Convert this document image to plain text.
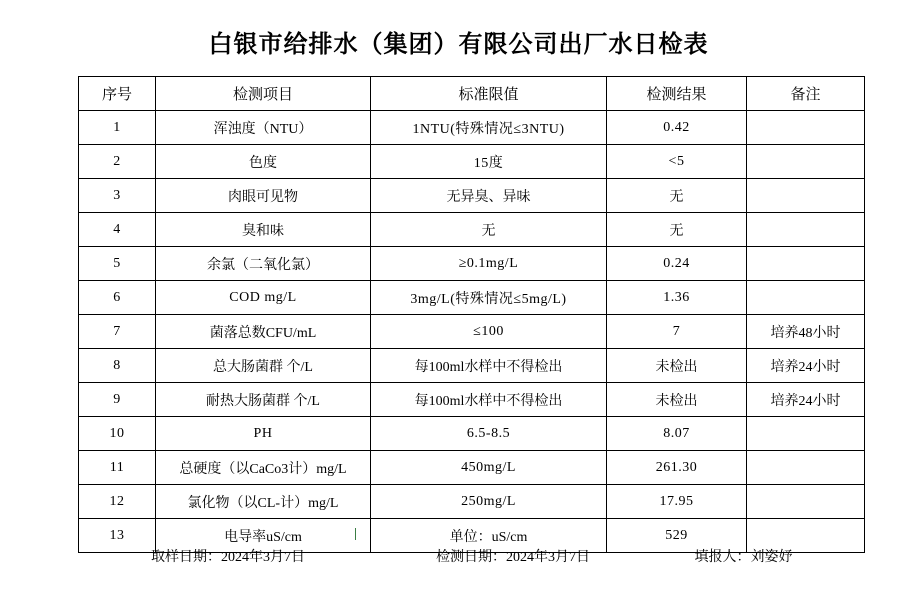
白银市给排水（集团）有限公司出厂水日检表
序号	检测项目	标准限值	检测结果	备注
1	浑浊度（NTU）	1NTU(特殊情况≤3NTU)	0.42	
2	色度	15度	<5	
3	肉眼可见物	无异臭、异味	无	
4	臭和味	无	无	
5	余氯（二氧化氯）	≥0.1mg/L	0.24	
6	COD mg/L	3mg/L(特殊情况≤5mg/L)	1.36	
7	菌落总数CFU/mL	≤100	7	培养48小时
8	总大肠菌群 个/L	每100ml水样中不得检出	未检出	培养24小时
9	耐热大肠菌群 个/L	每100ml水样中不得检出	未检出	培养24小时
10	PH	6.5-8.5	8.07	
11	总硬度（以CaCo3计）mg/L	450mg/L	261.30	
12	氯化物（以CL-计）mg/L	250mg/L	17.95	
13	电导率uS/cm	单位：uS/cm	529	
取样日期：2024年3月7日	检测日期：2024年3月7日	填报人：刘姿妤
